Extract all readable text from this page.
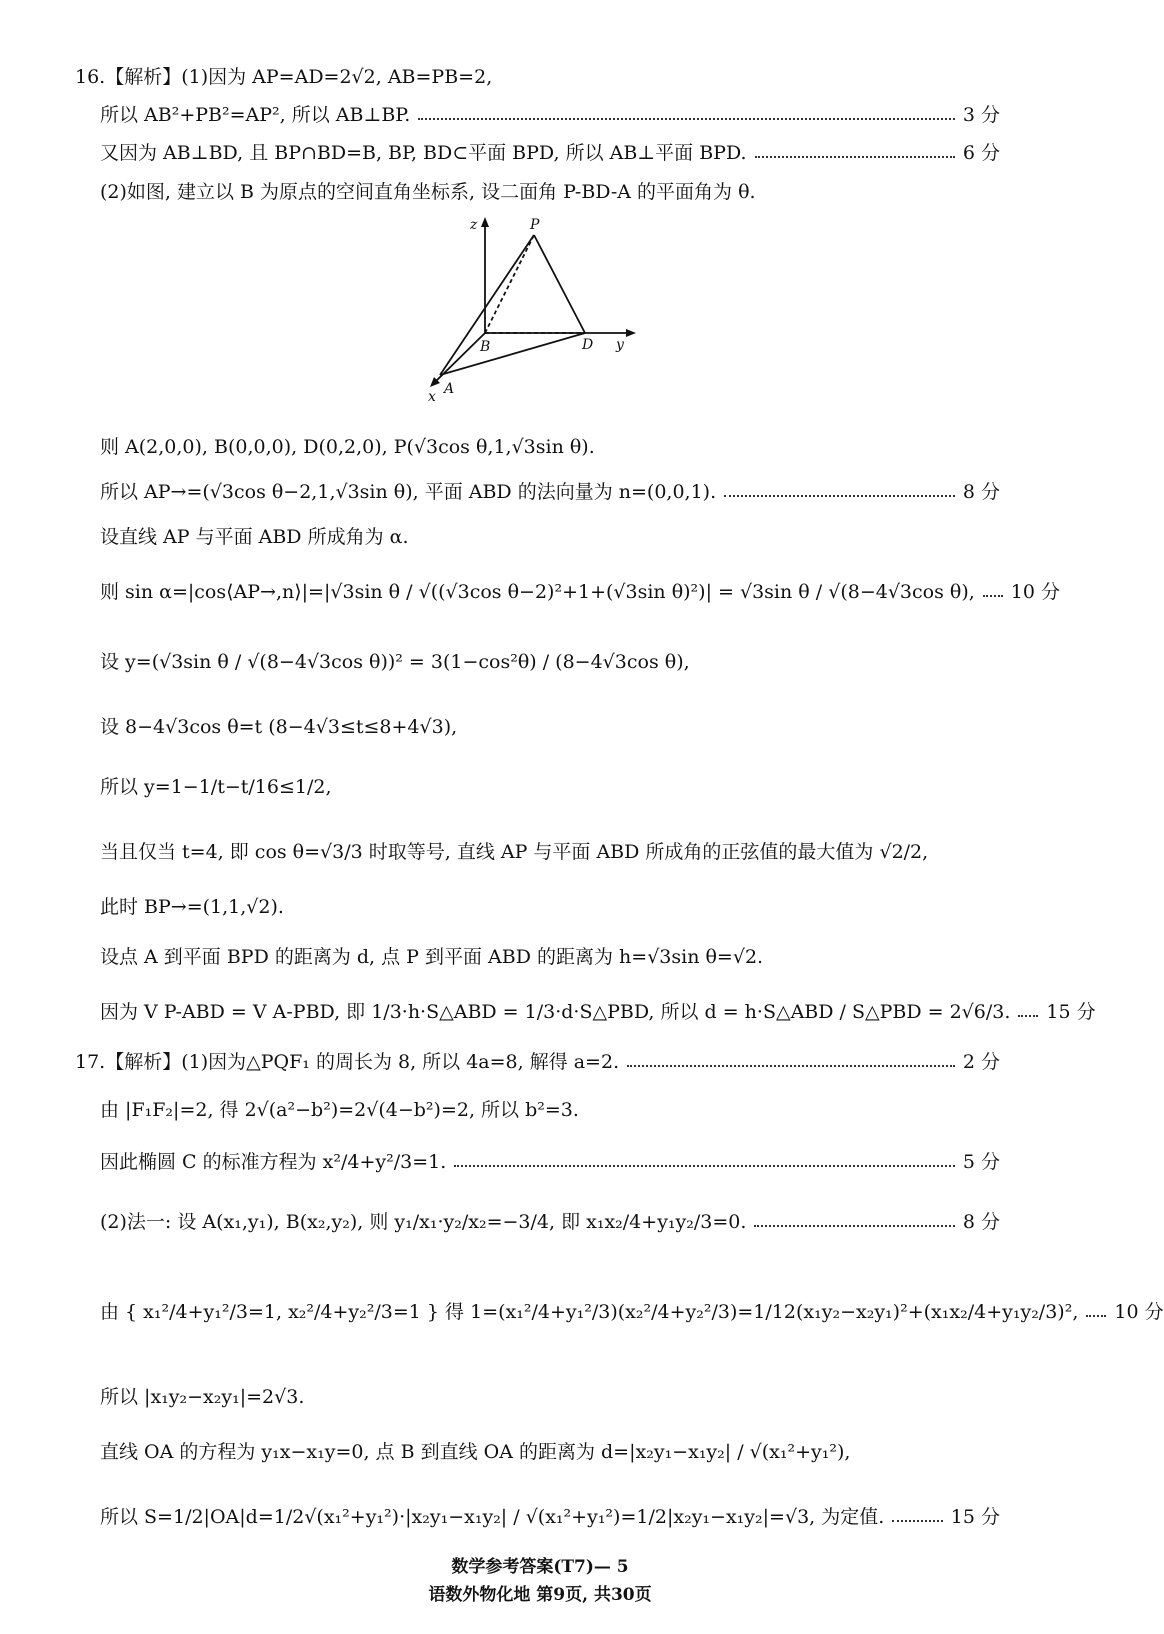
16.【解析】(1)因为 AP=AD=2√2, AB=PB=2,
所以 AB²+PB²=AP², 所以 AB⊥BP.	3 分
又因为 AB⊥BD, 且 BP∩BD=B, BP, BD⊂平面 BPD, 所以 AB⊥平面 BPD.	6 分
(2)如图, 建立以 B 为原点的空间直角坐标系, 设二面角 P-BD-A 的平面角为 θ.
z	P
B	D y
x A
则 A(2,0,0), B(0,0,0), D(0,2,0), P(√3cos θ,1,√3sin θ).
所以 AP→=(√3cos θ−2,1,√3sin θ), 平面 ABD 的法向量为 n=(0,0,1).	8 分
设直线 AP 与平面 ABD 所成角为 α.
则 sin α=|cos⟨AP→,n⟩|=|√3sin θ / √((√3cos θ−2)²+1+(√3sin θ)²)| = √3sin θ / √(8−4√3cos θ), 10 分
设 y=(√3sin θ / √(8−4√3cos θ))² = 3(1−cos²θ) / (8−4√3cos θ),
设 8−4√3cos θ=t (8−4√3≤t≤8+4√3),
所以 y=1−1/t−t/16≤1/2,
当且仅当 t=4, 即 cos θ=√3/3 时取等号, 直线 AP 与平面 ABD 所成角的正弦值的最大值为 √2/2,
此时 BP→=(1,1,√2).
设点 A 到平面 BPD 的距离为 d, 点 P 到平面 ABD 的距离为 h=√3sin θ=√2.
因为 V P-ABD = V A-PBD, 即 1/3·h·S△ABD = 1/3·d·S△PBD, 所以 d = h·S△ABD / S△PBD = 2√6/3. 15 分
17.【解析】(1)因为△PQF₁ 的周长为 8, 所以 4a=8, 解得 a=2.	2 分
由 |F₁F₂|=2, 得 2√(a²−b²)=2√(4−b²)=2, 所以 b²=3.
因此椭圆 C 的标准方程为 x²/4+y²/3=1.	5 分
(2)法一: 设 A(x₁,y₁), B(x₂,y₂), 则 y₁/x₁·y₂/x₂=−3/4, 即 x₁x₂/4+y₁y₂/3=0.	8 分
由 { x₁²/4+y₁²/3=1, x₂²/4+y₂²/3=1 } 得 1=(x₁²/4+y₁²/3)(x₂²/4+y₂²/3)=1/12(x₁y₂−x₂y₁)²+(x₁x₂/4+y₁y₂/3)², 10 分
所以 |x₁y₂−x₂y₁|=2√3.
直线 OA 的方程为 y₁x−x₁y=0, 点 B 到直线 OA 的距离为 d=|x₂y₁−x₁y₂| / √(x₁²+y₁²),
所以 S=1/2|OA|d=1/2√(x₁²+y₁²)·|x₂y₁−x₁y₂| / √(x₁²+y₁²)=1/2|x₂y₁−x₁y₂|=√3, 为定值.	15 分
数学参考答案(T7)— 5
语数外物化地 第9页, 共30页
